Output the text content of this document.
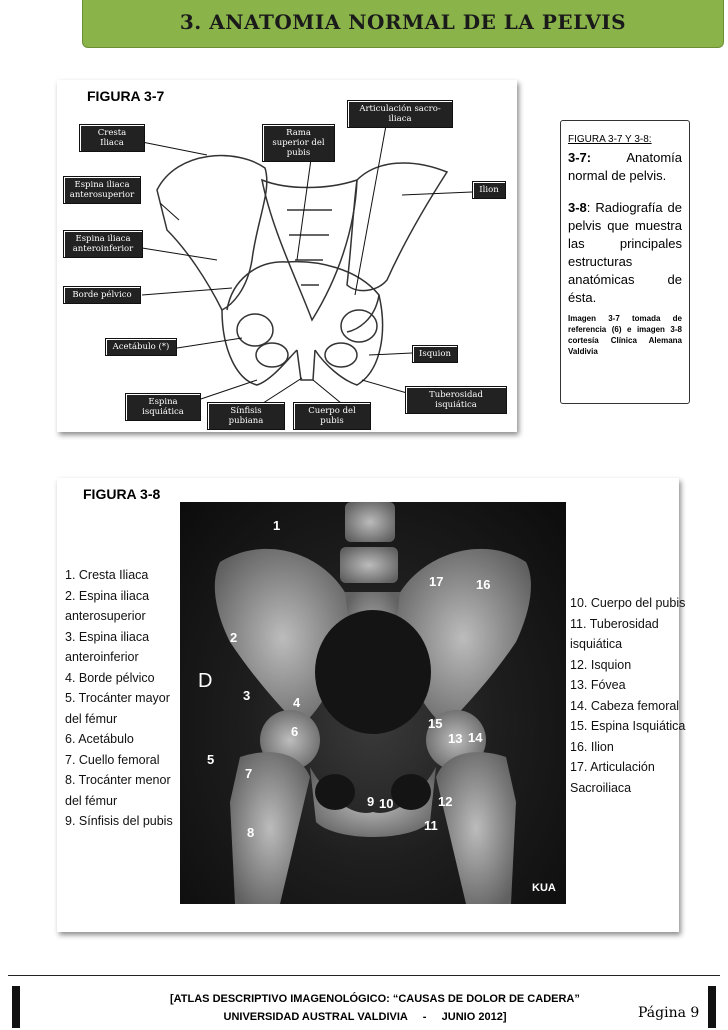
3. ANATOMIA NORMAL DE LA PELVIS
FIGURA 3-7
Cresta Iliaca
Rama superior del pubis
Articulación sacro-iliaca
Ilion
Espina iliaca anterosuperior
Espina iliaca anteroinferior
Borde pélvico
Acetábulo (*)
Isquion
Tuberosidad isquiática
Espina isquiática	Sínfisis pubiana
Cuerpo del pubis

FIGURA 3-7 Y 3-8:

3-7:	Anatomía normal de pelvis.

3-8: Radiografía de pelvis que muestra las principales estructuras anatómicas de ésta.

Imagen 3-7 tomada de referencia (6) e imagen 3-8 cortesía Clínica Alemana Valdivia

FIGURA 3-8
1. Cresta Iliaca
2. Espina iliaca
anterosuperior
3. Espina iliaca
anteroinferior
4. Borde pélvico
5. Trocánter mayor
del fémur
6. Acetábulo
7. Cuello femoral
8. Trocánter menor
del fémur
9. Sínfisis del pubis
1
2
3	4
5
6
7
8
9 10
11
12
13 14
15
16
17
D
KUA
10. Cuerpo del pubis
11. Tuberosidad
isquiática
12. Isquion
13. Fóvea
14. Cabeza femoral
15. Espina Isquiática
16. Ilion
17. Articulación
Sacroiliaca
[ATLAS DESCRIPTIVO IMAGENOLÓGICO: “CAUSAS DE DOLOR DE CADERA”
UNIVERSIDAD AUSTRAL VALDIVIA     -     JUNIO 2012]	Página 9
